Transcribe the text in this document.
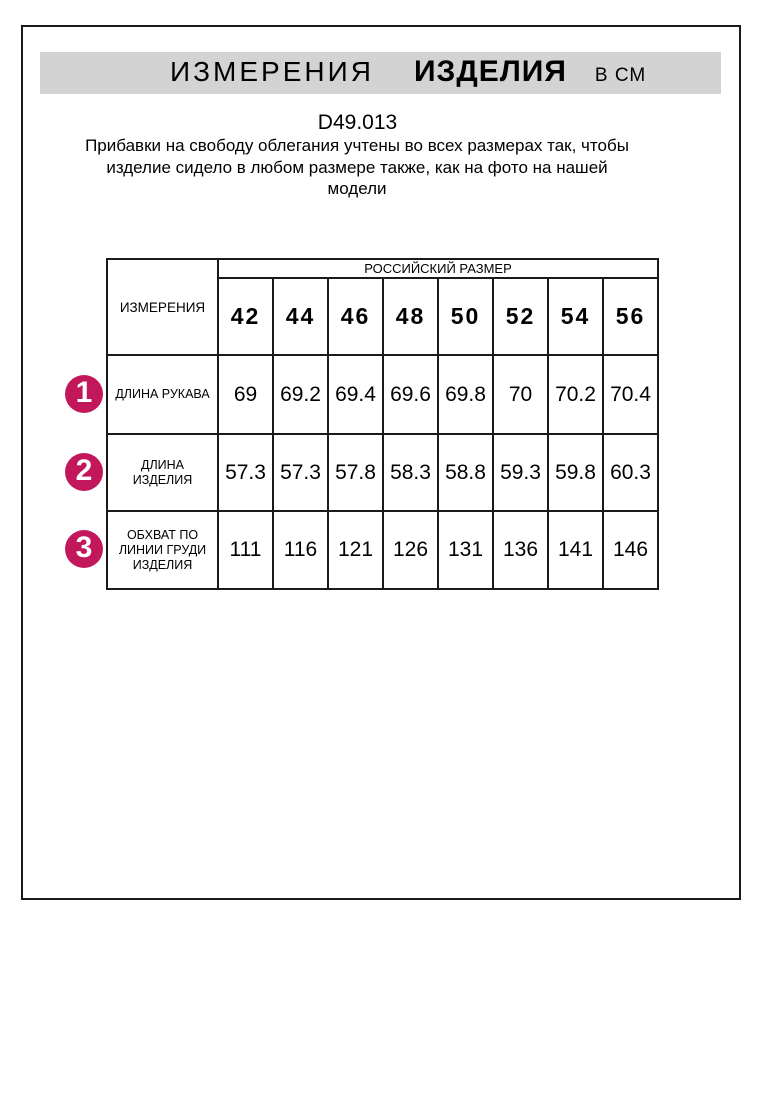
ИЗМЕРЕНИЯ ИЗДЕЛИЯ В СМ
D49.013
Прибавки на свободу облегания учтены во всех размерах так, чтобы
изделие сидело в любом размере также, как на фото на нашей
модели
ИЗМЕРЕНИЯ	РОССИЙСКИЙ РАЗМЕР							
	42	44	46	48	50	52	54	56
ДЛИНА РУКАВА	69	69.2	69.4	69.6	69.8	70	70.2	70.4
ДЛИНА ИЗДЕЛИЯ	57.3	57.3	57.8	58.3	58.8	59.3	59.8	60.3
ОБХВАТ ПО ЛИНИИ ГРУДИ ИЗДЕЛИЯ	111	116	121	126	131	136	141	146
1
2
3
